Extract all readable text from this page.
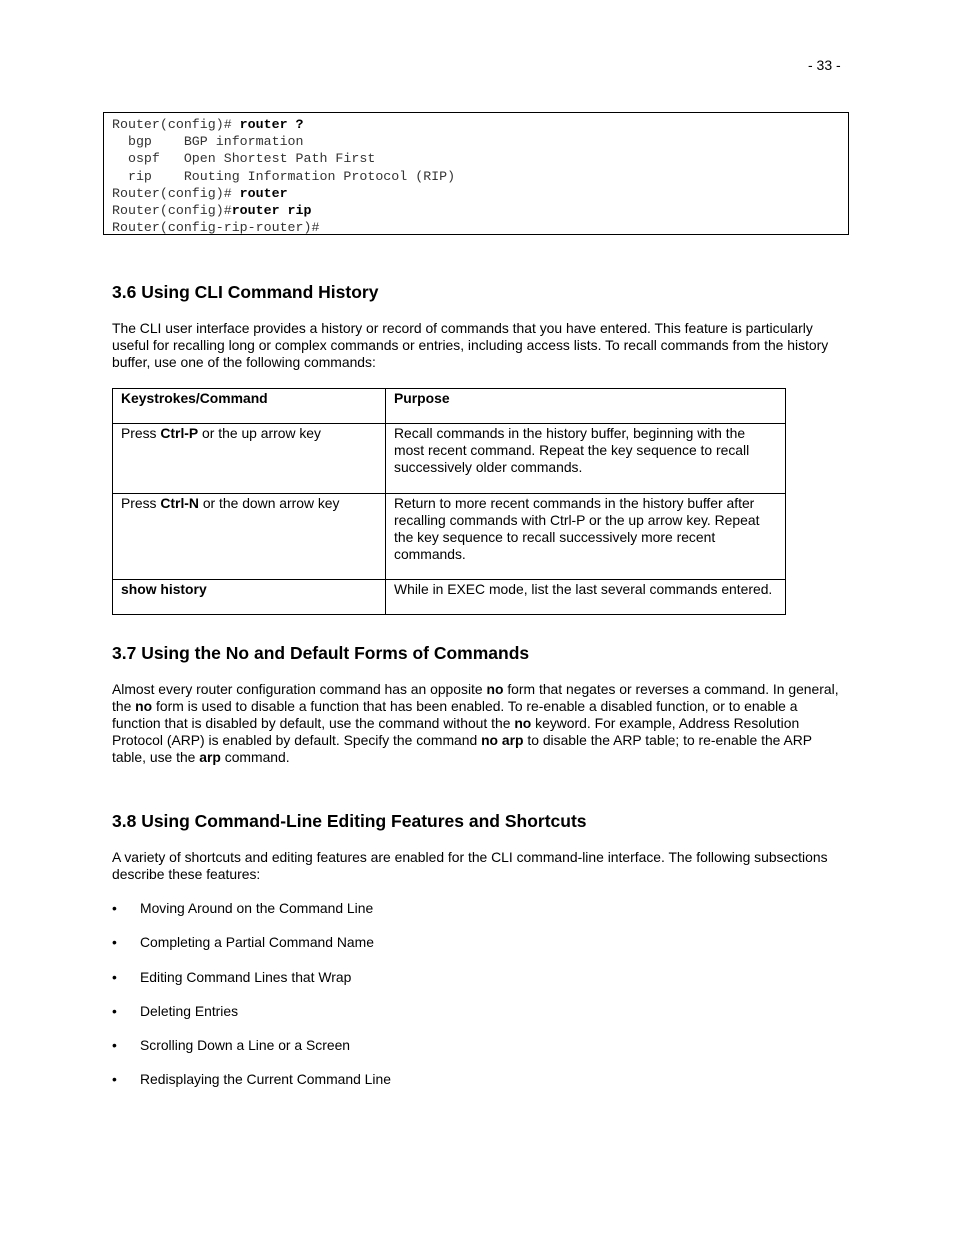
- 33 -
Router(config)# router ?
bgp    BGP information
ospf   Open Shortest Path First
rip    Routing Information Protocol (RIP)
Router(config)# router
Router(config)#router rip
Router(config-rip-router)#
3.6 Using CLI Command History

The CLI user interface provides a history or record of commands that you have entered. This feature is particularly useful for recalling long or complex commands or entries, including access lists. To recall commands from the history buffer, use one of the following commands:

Keystrokes/Command	Purpose
Press Ctrl-P or the up arrow key	Recall commands in the history buffer, beginning with the most recent command. Repeat the key sequence to recall successively older commands.
Press Ctrl-N or the down arrow key	Return to more recent commands in the history buffer after recalling commands with Ctrl-P or the up arrow key. Repeat the key sequence to recall successively more recent commands.
show history	While in EXEC mode, list the last several commands entered.
3.7 Using the No and Default Forms of Commands

Almost every router configuration command has an opposite no form that negates or reverses a command. In general, the no form is used to disable a function that has been enabled. To re-enable a disabled function, or to enable a function that is disabled by default, use the command without the no keyword. For example, Address Resolution Protocol (ARP) is enabled by default. Specify the command no arp to disable the ARP table; to re-enable the ARP table, use the arp command.

3.8 Using Command-Line Editing Features and Shortcuts

A variety of shortcuts and editing features are enabled for the CLI command-line interface. The following subsections describe these features:

• Moving Around on the Command Line
• Completing a Partial Command Name
• Editing Command Lines that Wrap
• Deleting Entries
• Scrolling Down a Line or a Screen
• Redisplaying the Current Command Line
